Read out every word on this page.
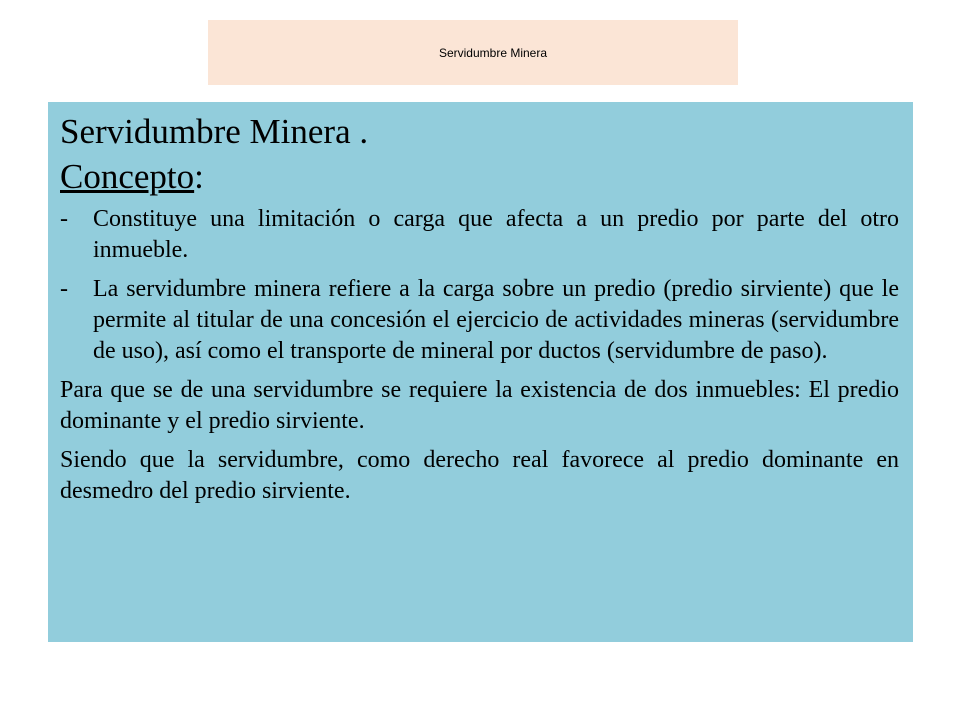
Servidumbre Minera
Servidumbre Minera .
Concepto:
-	Constituye una limitación o carga que afecta a un predio por parte del otro inmueble.
-	La servidumbre minera refiere a la carga sobre un predio (predio sirviente) que le permite al titular de una concesión el ejercicio de actividades mineras (servidumbre de uso), así como el transporte de mineral por ductos (servidumbre de paso).

Para que se de una servidumbre se requiere la existencia de dos inmuebles: El predio dominante y el predio sirviente.

Siendo que la servidumbre, como derecho real favorece al predio dominante en desmedro del predio sirviente.
